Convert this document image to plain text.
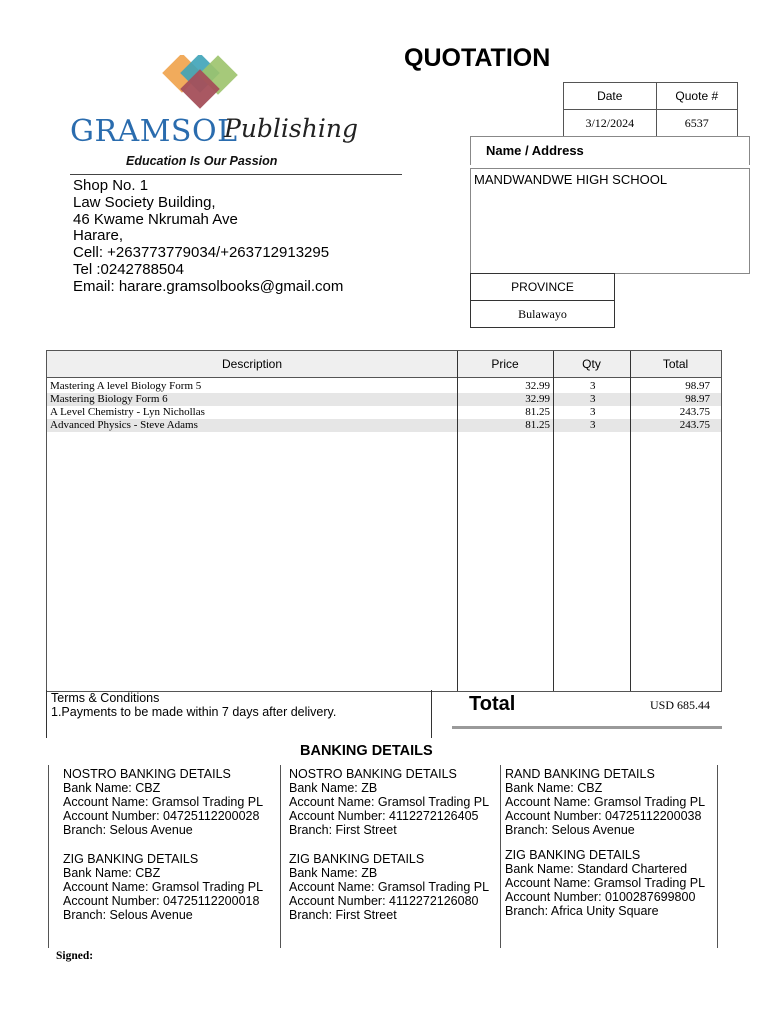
GRAMSOL
Publishing
Education Is Our Passion
Shop No. 1
Law Society Building,
46 Kwame Nkrumah Ave
Harare,
Cell: +263773779034/+263712913295
Tel :0242788504
Email: harare.gramsolbooks@gmail.com
QUOTATION
Date	Quote #
3/12/2024	6537
Name / Address
MANDWANDWE HIGH SCHOOL
PROVINCE
Bulawayo
Description	Price	Qty	Total
Mastering A level Biology Form 5	32.99	3	98.97
Mastering Biology Form 6	32.99	3	98.97
A Level Chemistry - Lyn Nichollas	81.25	3	243.75
Advanced Physics - Steve Adams	81.25	3	243.75
Terms & Conditions
1.Payments to be made within 7 days after delivery.	Total	USD 685.44
BANKING DETAILS
NOSTRO BANKING DETAILS
Bank Name: CBZ
Account Name: Gramsol Trading PL
Account Number: 04725112200028
Branch: Selous Avenue
NOSTRO BANKING DETAILS
Bank Name: ZB
Account Name: Gramsol Trading PL
Account Number: 4112272126405
Branch: First Street
RAND BANKING DETAILS
Bank Name: CBZ
Account Name: Gramsol Trading PL
Account Number: 04725112200038
Branch: Selous Avenue
ZIG BANKING DETAILS
Bank Name: CBZ
Account Name: Gramsol Trading PL
Account Number: 04725112200018
Branch: Selous Avenue
ZIG BANKING DETAILS
Bank Name: ZB
Account Name: Gramsol Trading PL
Account Number: 4112272126080
Branch: First Street
ZIG BANKING DETAILS
Bank Name: Standard Chartered
Account Name: Gramsol Trading PL
Account Number: 0100287699800
Branch: Africa Unity Square
Signed:
